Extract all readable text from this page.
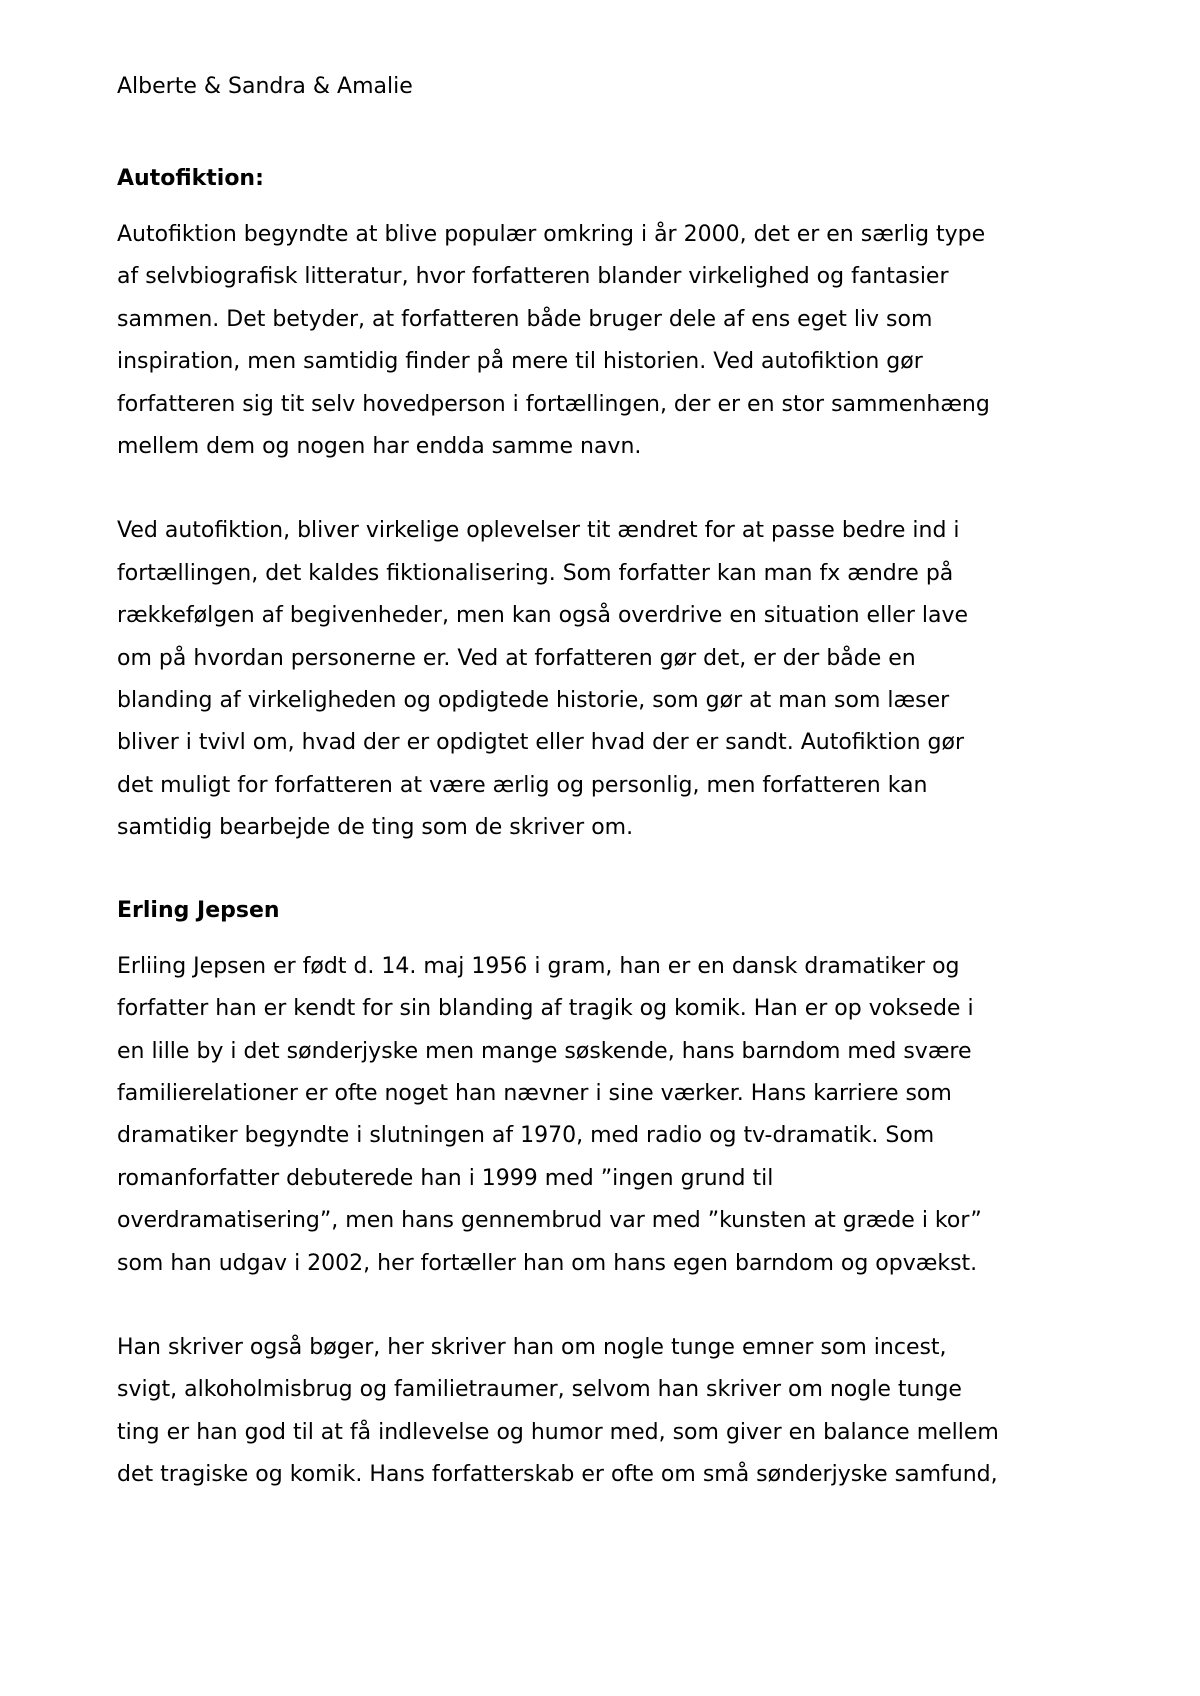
Alberte & Sandra & Amalie

Autofiktion:
Autofiktion begyndte at blive populær omkring i år 2000, det er en særlig type
af selvbiografisk litteratur, hvor forfatteren blander virkelighed og fantasier
sammen. Det betyder, at forfatteren både bruger dele af ens eget liv som
inspiration, men samtidig finder på mere til historien. Ved autofiktion gør
forfatteren sig tit selv hovedperson i fortællingen, der er en stor sammenhæng
mellem dem og nogen har endda samme navn.
Ved autofiktion, bliver virkelige oplevelser tit ændret for at passe bedre ind i
fortællingen, det kaldes fiktionalisering. Som forfatter kan man fx ændre på
rækkefølgen af begivenheder, men kan også overdrive en situation eller lave
om på hvordan personerne er. Ved at forfatteren gør det, er der både en
blanding af virkeligheden og opdigtede historie, som gør at man som læser
bliver i tvivl om, hvad der er opdigtet eller hvad der er sandt. Autofiktion gør
det muligt for forfatteren at være ærlig og personlig, men forfatteren kan
samtidig bearbejde de ting som de skriver om.
Erling Jepsen
Erliing Jepsen er født d. 14. maj 1956 i gram, han er en dansk dramatiker og
forfatter han er kendt for sin blanding af tragik og komik. Han er op voksede i
en lille by i det sønderjyske men mange søskende, hans barndom med svære
familierelationer er ofte noget han nævner i sine værker. Hans karriere som
dramatiker begyndte i slutningen af 1970, med radio og tv-dramatik. Som
romanforfatter debuterede han i 1999 med ”ingen grund til
overdramatisering”, men hans gennembrud var med ”kunsten at græde i kor”
som han udgav i 2002, her fortæller han om hans egen barndom og opvækst.
Han skriver også bøger, her skriver han om nogle tunge emner som incest,
svigt, alkoholmisbrug og familietraumer, selvom han skriver om nogle tunge
ting er han god til at få indlevelse og humor med, som giver en balance mellem
det tragiske og komik. Hans forfatterskab er ofte om små sønderjyske samfund,
